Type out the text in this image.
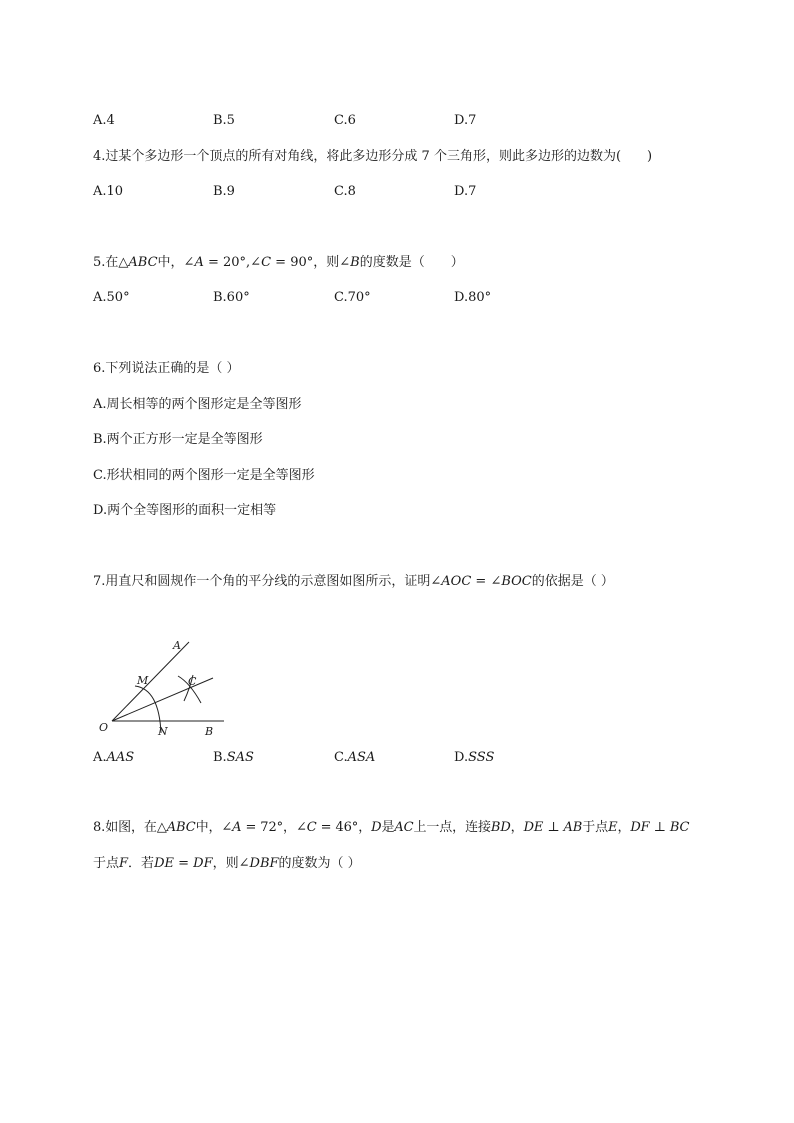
A.4	B.5	C.6	D.7
4.过某个多边形一个顶点的所有对角线，将此多边形分成 7 个三角形，则此多边形的边数为(　　)
A.10	B.9	C.8	D.7
5.在△ABC中，∠A = 20°,∠C = 90°，则∠B的度数是（　　）
A.50°	B.60°	C.70°	D.80°
6.下列说法正确的是（ ）
A.周长相等的两个图形定是全等图形
B.两个正方形一定是全等图形
C.形状相同的两个图形一定是全等图形
D.两个全等图形的面积一定相等
7.用直尺和圆规作一个角的平分线的示意图如图所示，证明∠AOC = ∠BOC的依据是（ ）
A
M	C
O	N	B
A.AAS	B.SAS	C.ASA	D.SSS
8.如图，在△ABC中，∠A = 72°，∠C = 46°，D是AC上一点，连接BD，DE ⊥ AB于点E，DF ⊥ BC
于点F．若DE = DF，则∠DBF的度数为（ ）
